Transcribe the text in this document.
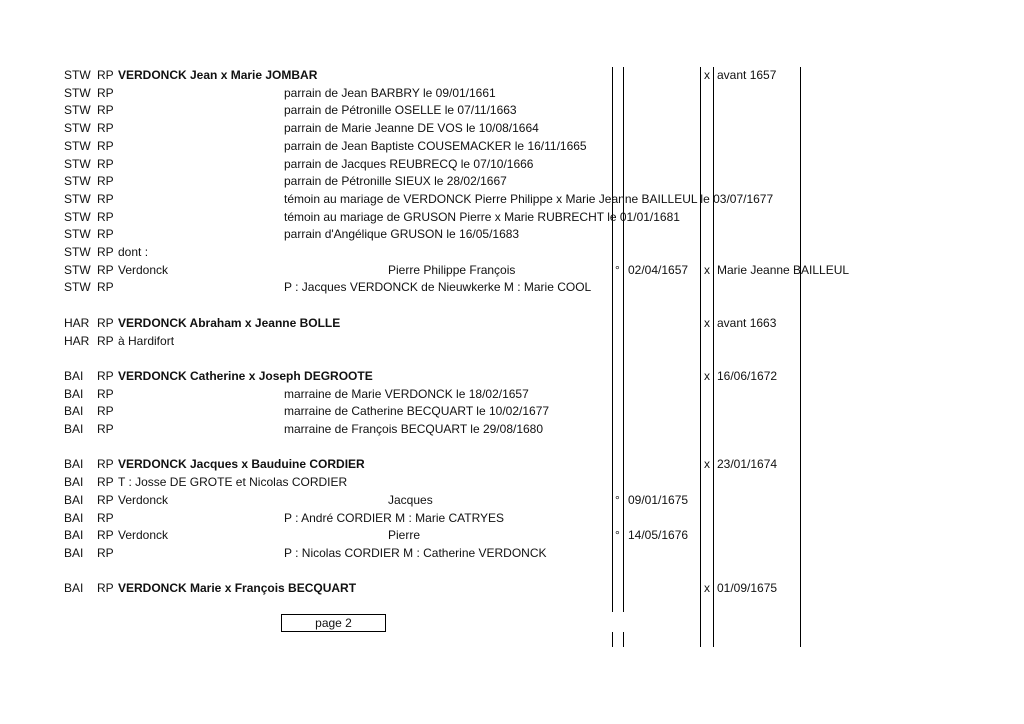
STW RP VERDONCK Jean x Marie JOMBAR	x avant 1657
STW RP	parrain de Jean BARBRY le 09/01/1661
STW RP	parrain de Pétronille OSELLE le 07/11/1663
STW RP	parrain de Marie Jeanne DE VOS le 10/08/1664
STW RP	parrain de Jean Baptiste COUSEMACKER le 16/11/1665
STW RP	parrain de Jacques REUBRECQ le 07/10/1666
STW RP	parrain de Pétronille SIEUX le 28/02/1667
STW RP	témoin au mariage de VERDONCK Pierre Philippe x Marie Jeanne BAILLEUL le 03/07/1677
STW RP	témoin au mariage de GRUSON Pierre x Marie RUBRECHT le 01/01/1681
STW RP	parrain d'Angélique GRUSON le 16/05/1683
STW RP dont :
STW RP Verdonck	Pierre Philippe François	° 02/04/1657 x Marie Jeanne BAILLEUL
STW RP	P : Jacques VERDONCK de Nieuwkerke M : Marie COOL
HAR RP VERDONCK Abraham x Jeanne BOLLE	x avant 1663
HAR RP à Hardifort
BAI RP VERDONCK Catherine x Joseph DEGROOTE	x 16/06/1672
BAI RP	marraine de Marie VERDONCK le 18/02/1657
BAI RP	marraine de Catherine BECQUART le 10/02/1677
BAI RP	marraine de François BECQUART le 29/08/1680
BAI RP VERDONCK Jacques x Bauduine CORDIER	x 23/01/1674
BAI RP T : Josse DE GROTE et Nicolas CORDIER
BAI RP Verdonck	Jacques	° 09/01/1675
BAI RP	P : André CORDIER M : Marie CATRYES
BAI RP Verdonck	Pierre	° 14/05/1676
BAI RP	P : Nicolas CORDIER M : Catherine VERDONCK
BAI RP VERDONCK Marie x François BECQUART	x 01/09/1675
page 2
